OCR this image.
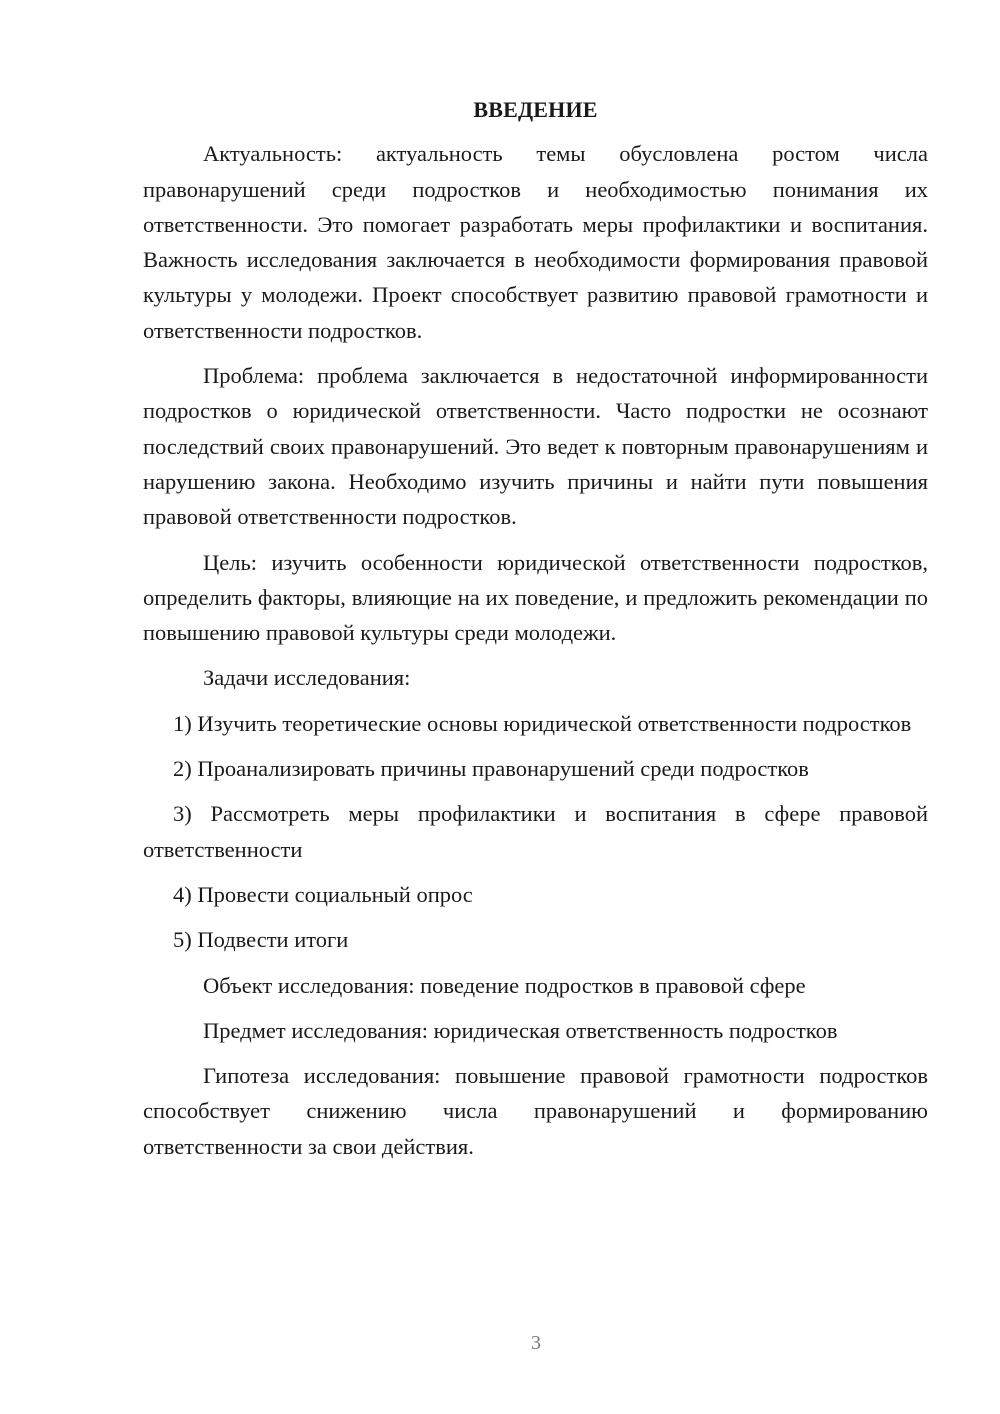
ВВЕДЕНИЕ

Актуальность: актуальность темы обусловлена ростом числа правонарушений среди подростков и необходимостью понимания их ответственности. Это помогает разработать меры профилактики и воспитания. Важность исследования заключается в необходимости формирования правовой культуры у молодежи. Проект способствует развитию правовой грамотности и ответственности подростков.

Проблема: проблема заключается в недостаточной информированности подростков о юридической ответственности. Часто подростки не осознают последствий своих правонарушений. Это ведет к повторным правонарушениям и нарушению закона. Необходимо изучить причины и найти пути повышения правовой ответственности подростков.

Цель: изучить особенности юридической ответственности подростков, определить факторы, влияющие на их поведение, и предложить рекомендации по повышению правовой культуры среди молодежи.

Задачи исследования:

1) Изучить теоретические основы юридической ответственности подростков

2) Проанализировать причины правонарушений среди подростков

3) Рассмотреть меры профилактики и воспитания в сфере правовой ответственности

4) Провести социальный опрос

5) Подвести итоги

Объект исследования: поведение подростков в правовой сфере

Предмет исследования: юридическая ответственность подростков

Гипотеза исследования: повышение правовой грамотности подростков способствует снижению числа правонарушений и формированию ответственности за свои действия.

3
